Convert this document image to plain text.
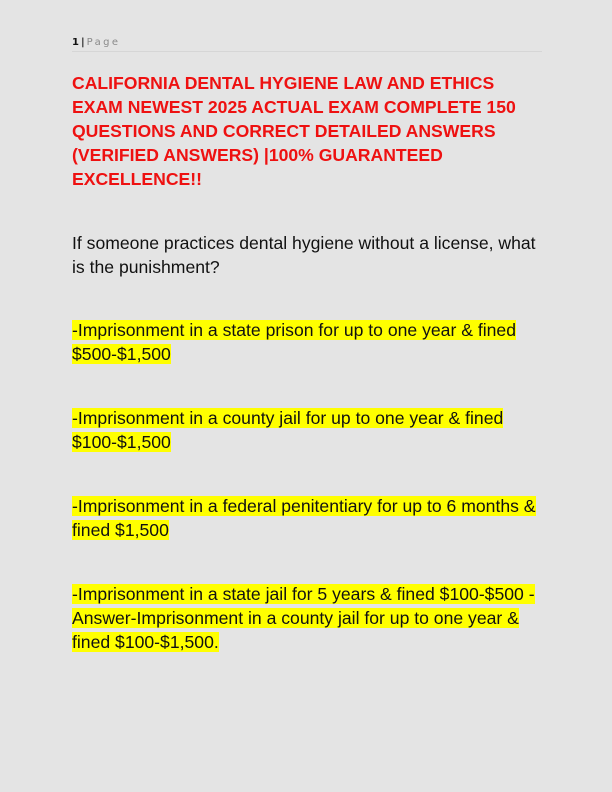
1 | Page
CALIFORNIA DENTAL HYGIENE LAW AND ETHICS EXAM NEWEST 2025 ACTUAL EXAM COMPLETE 150 QUESTIONS AND CORRECT DETAILED ANSWERS (VERIFIED ANSWERS) |100% GUARANTEED EXCELLENCE!!

If someone practices dental hygiene without a license, what is the punishment?

-Imprisonment in a state prison for up to one year & fined $500-$1,500

-Imprisonment in a county jail for up to one year & fined $100-$1,500

-Imprisonment in a federal penitentiary for up to 6 months & fined $1,500

-Imprisonment in a state jail for 5 years & fined $100-$500 - Answer-Imprisonment in a county jail for up to one year & fined $100-$1,500.
